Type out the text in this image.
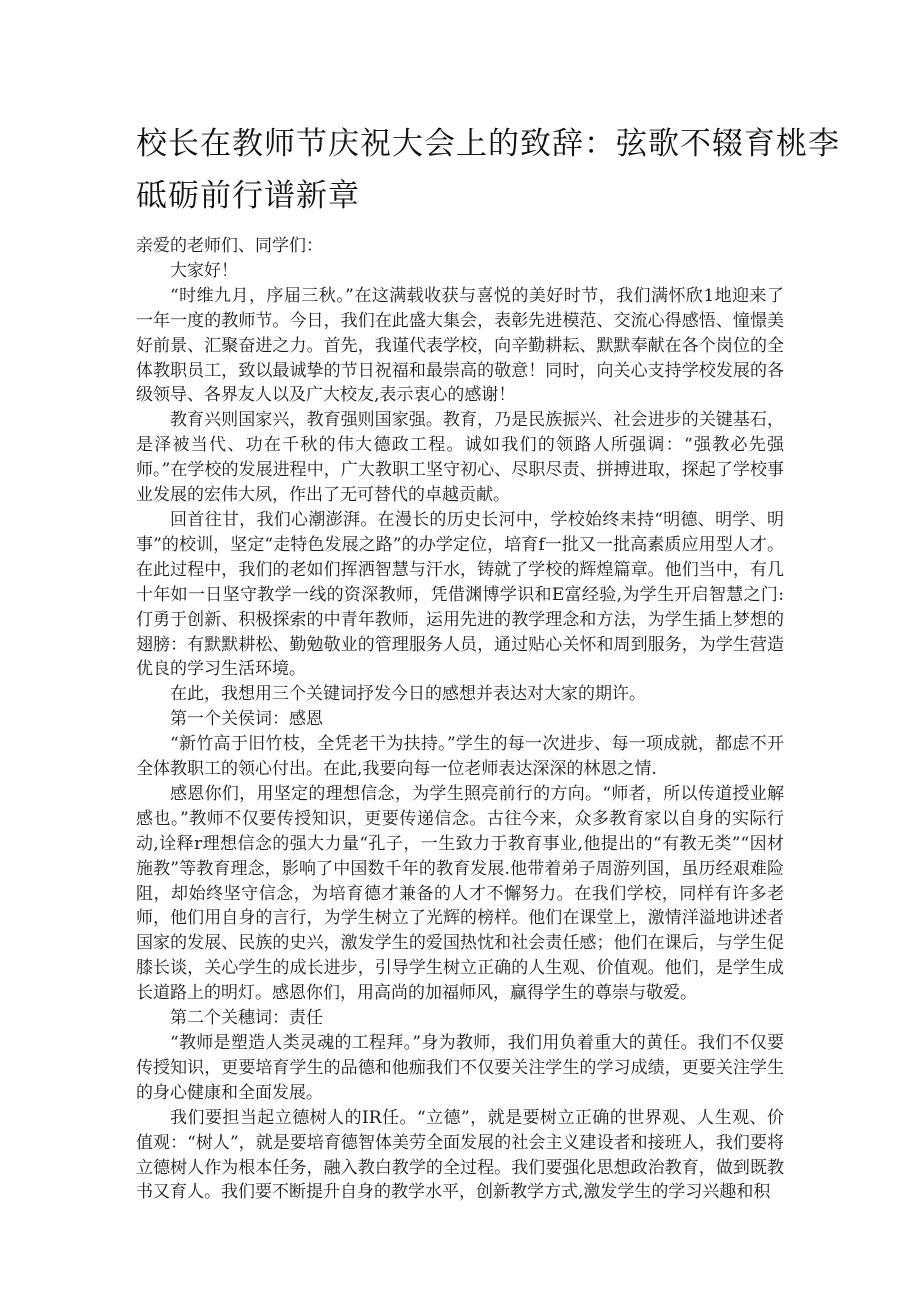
校长在教师节庆祝大会上的致辞：弦歌不辍育桃李
砥砺前行谱新章

亲爱的老师们、同学们：

大家好！

“时维九月，序届三秋。”在这满载收获与喜悦的美好时节，我们满怀欣1地迎来了一年一度的教师节。今日，我们在此盛大集会，表彰先进模范、交流心得感悟、憧憬美好前景、汇聚奋进之力。首先，我谨代表学校，向辛勤耕耘、默默奉献在各个岗位的全体教职员工，致以最诚挚的节日祝福和最崇高的敬意！同时，向关心支持学校发展的各级领导、各界友人以及广大校友,表示衷心的感谢！

教育兴则国家兴，教育强则国家强。教育，乃是民族振兴、社会进步的关键基石，是泽被当代、功在千秋的伟大德政工程。诚如我们的领路人所强调：“强教必先强师。”在学校的发展进程中，广大教职工坚守初心、尽职尽责、拼搏进取，探起了学校事业发展的宏伟大夙，作出了无可替代的卓越贡献。

回首往甘，我们心潮澎湃。在漫长的历史长河中，学校始终耒持“明德、明学、明事”的校训，坚定“走特色发展之路”的办学定位，培育f一批又一批高素质应用型人才。在此过程中，我们的老如们挥洒智慧与汗水，铸就了学校的辉煌篇章。他们当中，有几十年如一日坚守教学一线的资深教师，凭借渊博学识和E富经验,为学生开启智慧之门:仃勇于创新、积极探索的中青年教师，运用先进的教学理念和方法，为学生插上梦想的翅膀：有默默耕松、勤勉敬业的管理服务人员，通过贴心关怀和周到服务，为学生营造优良的学习生活环境。

在此，我想用三个关键词抒发今日的感想并表达对大家的期许。

第一个关侯词：感恩

“新竹高于旧竹枝，全凭老干为扶持。”学生的每一次进步、每一项成就，都虑不开全体教职工的领心付出。在此,我要向每一位老师表达深深的林恩之情.

感恩你们，用坚定的理想信念，为学生照亮前行的方向。“师者，所以传道授业解感也。”教师不仅要传授知识，更要传递信念。古往今来，众多教育家以自身的实际行动,诠释r理想信念的强大力量“孔子，一生致力于教育事业,他提出的“有教无类”“因材施教”等教育理念，影响了中国数千年的教育发展.他带着弟子周游列国，虽历经艰难险阻，却始终坚守信念，为培育德才兼备的人才不懈努力。在我们学校，同样有许多老师，他们用自身的言行，为学生树立了光辉的榜样。他们在课堂上，激情洋溢地讲述者国家的发展、民族的史兴，激发学生的爱国热忱和社会责任感；他们在课后，与学生促膝长谈，关心学生的成长进步，引导学生树立正确的人生观、价值观。他们，是学生成长道路上的明灯。感恩你们，用高尚的加福师风，赢得学生的尊崇与敬爱。

第二个关穗词：责任

“教师是塑造人类灵魂的工程拜。”身为教师，我们用负着重大的黄任。我们不仅要传授知识，更要培育学生的品德和他痂我们不仅要关注学生的学习成绩，更要关注学生的身心健康和全面发展。

我们要担当起立德树人的IR任。“立德”，就是要树立正确的世界观、人生观、价值观：“树人”，就是要培育德智体美劳全面发展的社会主义建设者和接班人，我们要将立德树人作为根本任务，融入教白教学的全过程。我们要强化思想政治教育，做到既教书又育人。我们要不断提升自身的教学水平，创新教学方式,激发学生的学习兴趣和积
